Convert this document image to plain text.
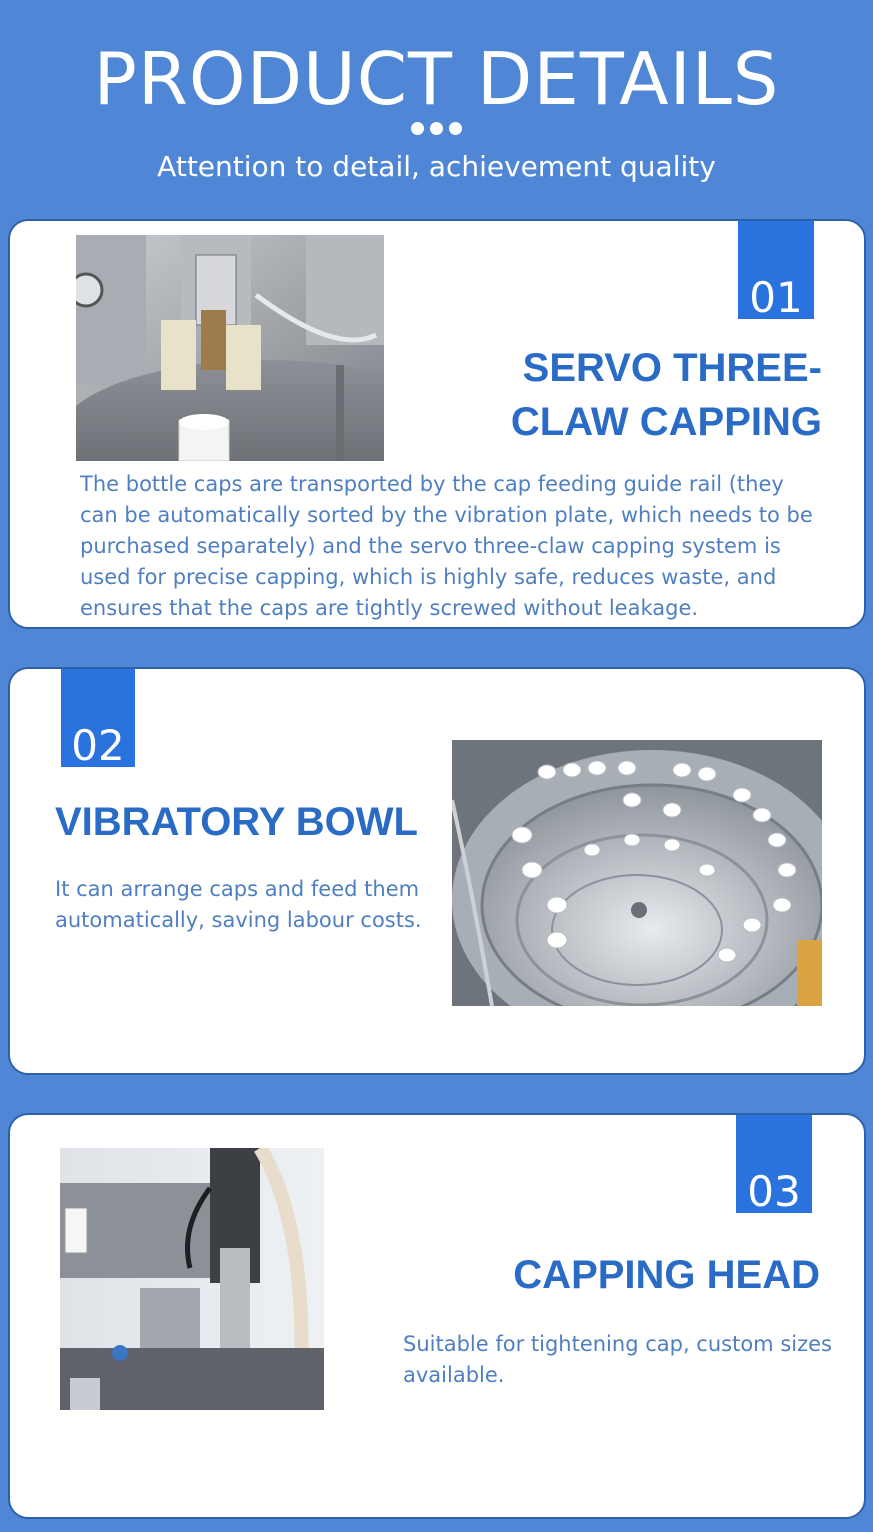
PRODUCT DETAILS
Attention to detail, achievement quality
01
SERVO THREE-
CLAW CAPPING
The bottle caps are transported by the cap feeding guide rail (they can be automatically sorted by the vibration plate, which needs to be purchased separately) and the servo three-claw capping system is used for precise capping, which is highly safe, reduces waste, and ensures that the caps are tightly screwed without leakage.
02
VIBRATORY BOWL
It can arrange caps and feed them automatically, saving labour costs.
03
CAPPING HEAD
Suitable for tightening cap, custom sizes available.
